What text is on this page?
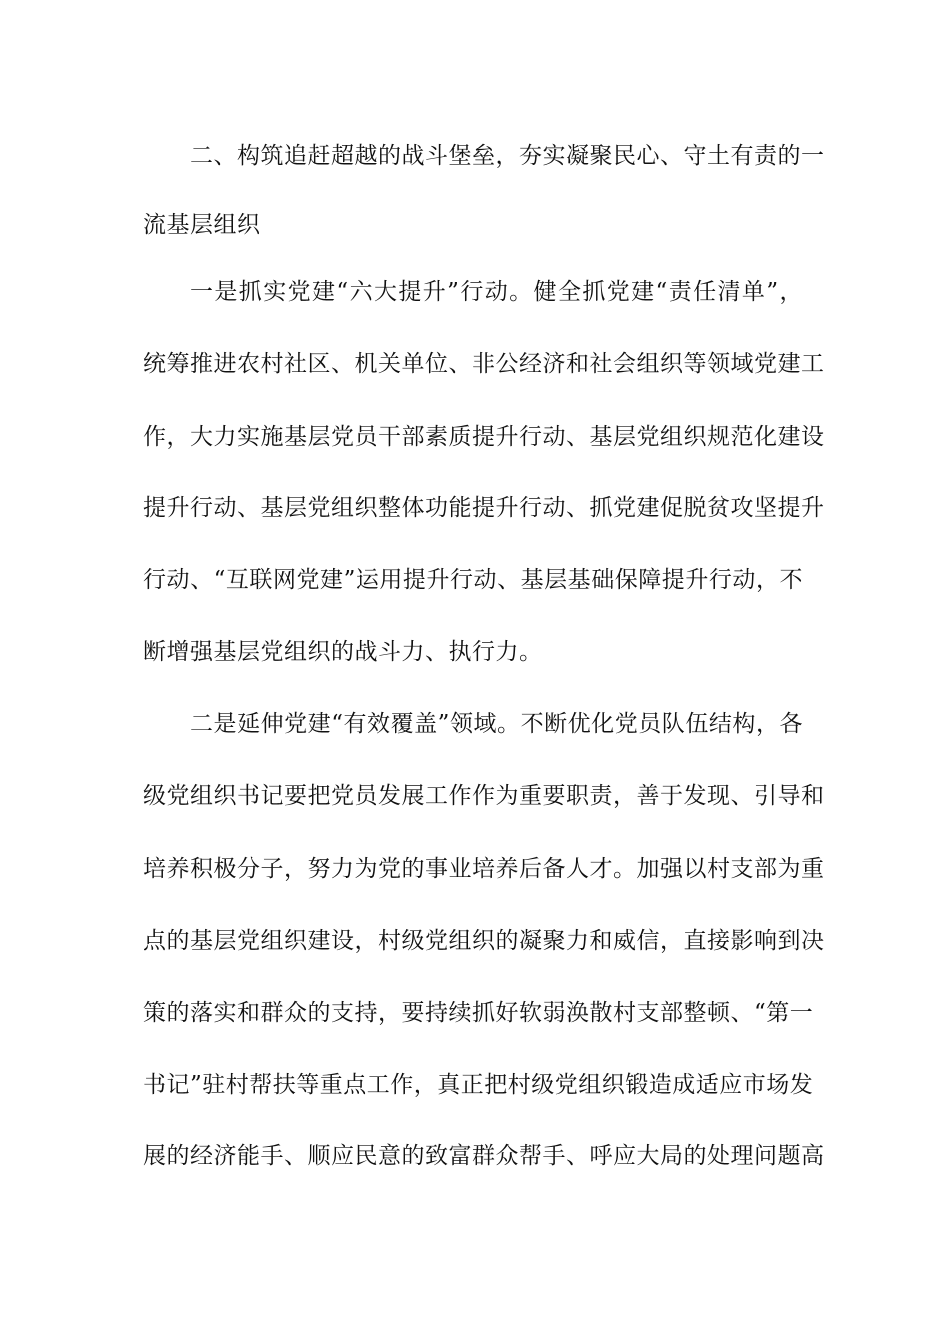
二、构筑追赶超越的战斗堡垒，夯实凝聚民心、守土有责的一
流基层组织
一是抓实党建“六大提升”行动。健全抓党建“责任清单”，
统筹推进农村社区、机关单位、非公经济和社会组织等领域党建工
作，大力实施基层党员干部素质提升行动、基层党组织规范化建设
提升行动、基层党组织整体功能提升行动、抓党建促脱贫攻坚提升
行动、“互联网党建”运用提升行动、基层基础保障提升行动，不
断增强基层党组织的战斗力、执行力。
二是延伸党建“有效覆盖”领域。不断优化党员队伍结构，各
级党组织书记要把党员发展工作作为重要职责，善于发现、引导和
培养积极分子，努力为党的事业培养后备人才。加强以村支部为重
点的基层党组织建设，村级党组织的凝聚力和威信，直接影响到决
策的落实和群众的支持，要持续抓好软弱涣散村支部整顿、“第一
书记”驻村帮扶等重点工作，真正把村级党组织锻造成适应市场发
展的经济能手、顺应民意的致富群众帮手、呼应大局的处理问题高
